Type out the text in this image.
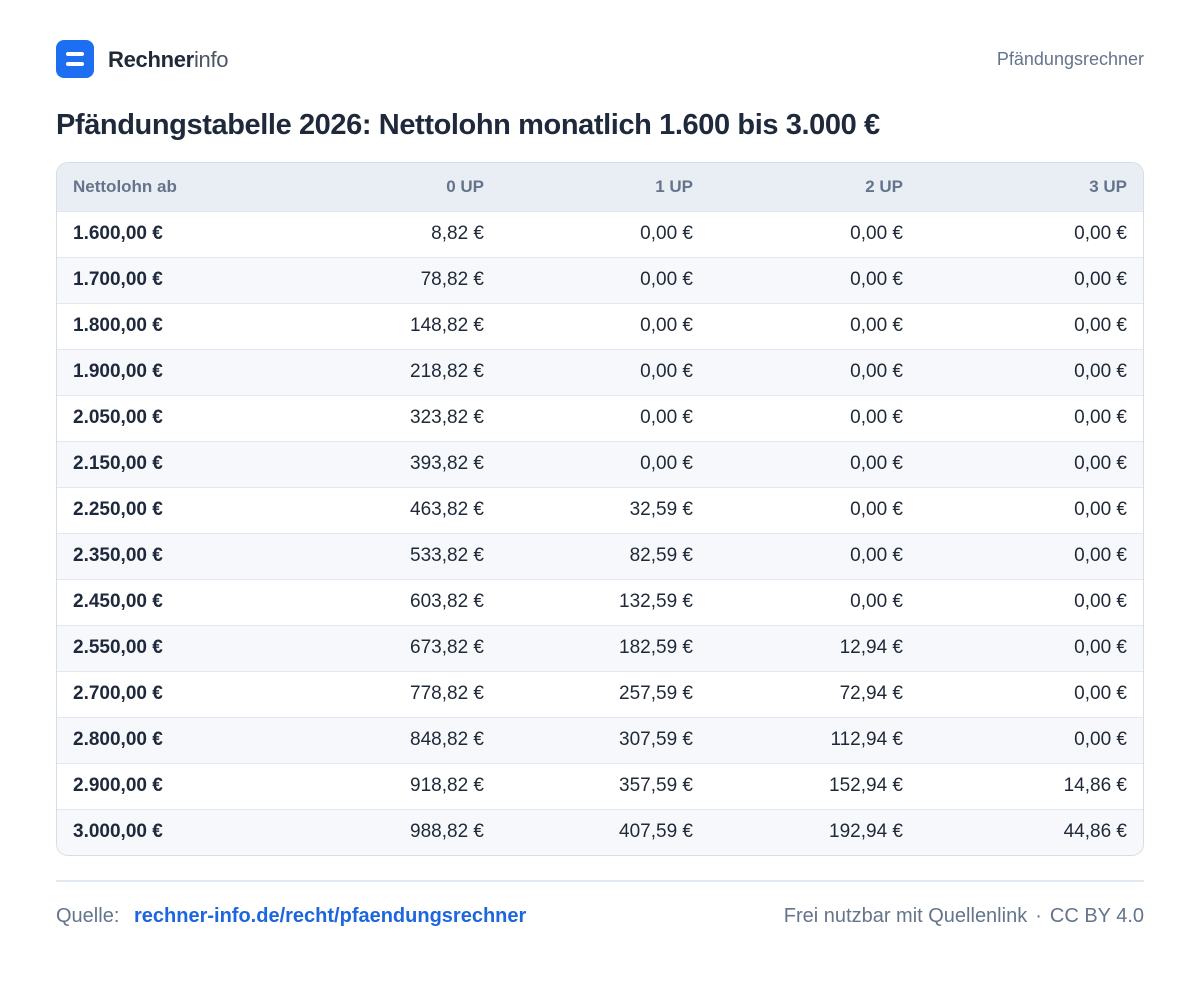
Rechnerinfo	Pfändungsrechner
Pfändungstabelle 2026: Nettolohn monatlich 1.600 bis 3.000 €
Nettolohn ab	0 UP	1 UP	2 UP	3 UP
1.600,00 €	8,82 €	0,00 €	0,00 €	0,00 €
1.700,00 €	78,82 €	0,00 €	0,00 €	0,00 €
1.800,00 €	148,82 €	0,00 €	0,00 €	0,00 €
1.900,00 €	218,82 €	0,00 €	0,00 €	0,00 €
2.050,00 €	323,82 €	0,00 €	0,00 €	0,00 €
2.150,00 €	393,82 €	0,00 €	0,00 €	0,00 €
2.250,00 €	463,82 €	32,59 €	0,00 €	0,00 €
2.350,00 €	533,82 €	82,59 €	0,00 €	0,00 €
2.450,00 €	603,82 €	132,59 €	0,00 €	0,00 €
2.550,00 €	673,82 €	182,59 €	12,94 €	0,00 €
2.700,00 €	778,82 €	257,59 €	72,94 €	0,00 €
2.800,00 €	848,82 €	307,59 €	112,94 €	0,00 €
2.900,00 €	918,82 €	357,59 €	152,94 €	14,86 €
3.000,00 €	988,82 €	407,59 €	192,94 €	44,86 €
Quelle: rechner-info.de/recht/pfaendungsrechner	Frei nutzbar mit Quellenlink · CC BY 4.0
